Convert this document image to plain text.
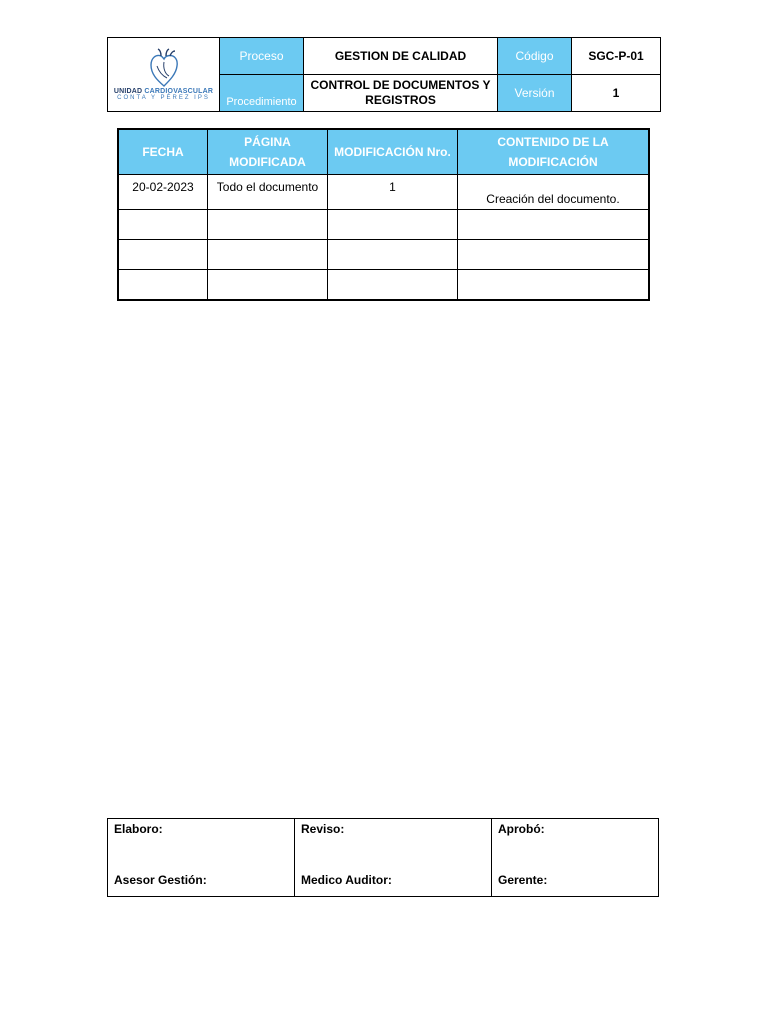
UNIDAD CARDIOVASCULAR
CONTA Y PÉREZ IPS	Proceso	GESTION DE CALIDAD	Código	SGC-P-01
	Procedimiento	CONTROL DE DOCUMENTOS Y REGISTROS	Versión	1
FECHA	PÁGINA MODIFICADA	MODIFICACIÓN Nro.	CONTENIDO DE LA MODIFICACIÓN
20-02-2023	Todo el documento	1	Creación del documento.

Elaboro:
Asesor Gestión:

Reviso:
Medico Auditor:

Aprobó:
Gerente:
